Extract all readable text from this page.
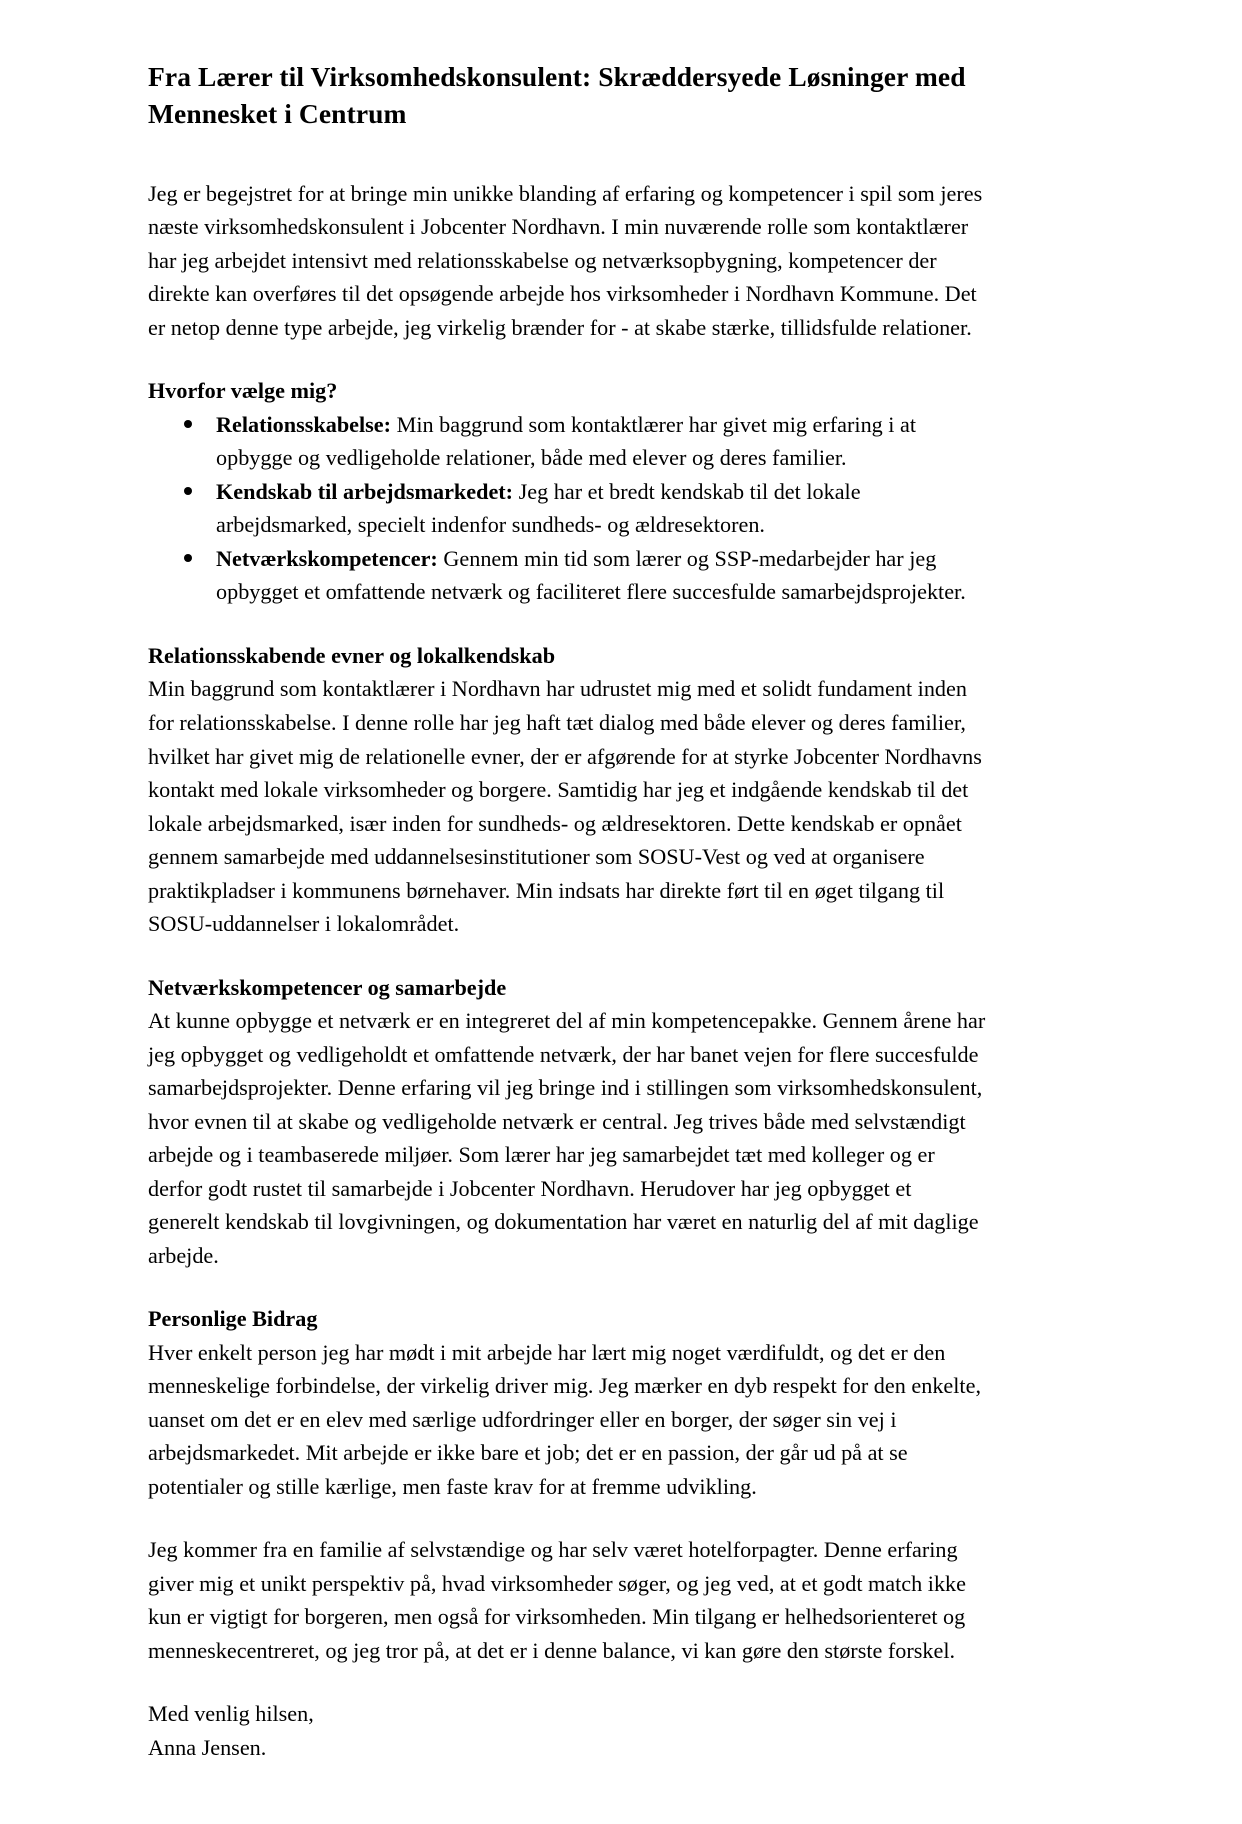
Fra Lærer til Virksomhedskonsulent: Skræddersyede Løsninger med Mennesket i Centrum

Jeg er begejstret for at bringe min unikke blanding af erfaring og kompetencer i spil som jeres næste virksomhedskonsulent i Jobcenter Nordhavn. I min nuværende rolle som kontaktlærer har jeg arbejdet intensivt med relationsskabelse og netværksopbygning, kompetencer der direkte kan overføres til det opsøgende arbejde hos virksomheder i Nordhavn Kommune. Det er netop denne type arbejde, jeg virkelig brænder for - at skabe stærke, tillidsfulde relationer.

Hvorfor vælge mig?
Relationsskabelse: Min baggrund som kontaktlærer har givet mig erfaring i at opbygge og vedligeholde relationer, både med elever og deres familier.
Kendskab til arbejdsmarkedet: Jeg har et bredt kendskab til det lokale arbejdsmarked, specielt indenfor sundheds- og ældresektoren.
Netværkskompetencer: Gennem min tid som lærer og SSP-medarbejder har jeg opbygget et omfattende netværk og faciliteret flere succesfulde samarbejdsprojekter.
Relationsskabende evner og lokalkendskab

Min baggrund som kontaktlærer i Nordhavn har udrustet mig med et solidt fundament inden for relationsskabelse. I denne rolle har jeg haft tæt dialog med både elever og deres familier, hvilket har givet mig de relationelle evner, der er afgørende for at styrke Jobcenter Nordhavns kontakt med lokale virksomheder og borgere. Samtidig har jeg et indgående kendskab til det lokale arbejdsmarked, især inden for sundheds- og ældresektoren. Dette kendskab er opnået gennem samarbejde med uddannelsesinstitutioner som SOSU-Vest og ved at organisere praktikpladser i kommunens børnehaver. Min indsats har direkte ført til en øget tilgang til SOSU-uddannelser i lokalområdet.

Netværkskompetencer og samarbejde

At kunne opbygge et netværk er en integreret del af min kompetencepakke. Gennem årene har jeg opbygget og vedligeholdt et omfattende netværk, der har banet vejen for flere succesfulde samarbejdsprojekter. Denne erfaring vil jeg bringe ind i stillingen som virksomhedskonsulent, hvor evnen til at skabe og vedligeholde netværk er central. Jeg trives både med selvstændigt arbejde og i teambaserede miljøer. Som lærer har jeg samarbejdet tæt med kolleger og er derfor godt rustet til samarbejde i Jobcenter Nordhavn. Herudover har jeg opbygget et generelt kendskab til lovgivningen, og dokumentation har været en naturlig del af mit daglige arbejde.

Personlige Bidrag

Hver enkelt person jeg har mødt i mit arbejde har lært mig noget værdifuldt, og det er den menneskelige forbindelse, der virkelig driver mig. Jeg mærker en dyb respekt for den enkelte, uanset om det er en elev med særlige udfordringer eller en borger, der søger sin vej i arbejdsmarkedet. Mit arbejde er ikke bare et job; det er en passion, der går ud på at se potentialer og stille kærlige, men faste krav for at fremme udvikling.

Jeg kommer fra en familie af selvstændige og har selv været hotelforpagter. Denne erfaring giver mig et unikt perspektiv på, hvad virksomheder søger, og jeg ved, at et godt match ikke kun er vigtigt for borgeren, men også for virksomheden. Min tilgang er helhedsorienteret og menneskecentreret, og jeg tror på, at det er i denne balance, vi kan gøre den største forskel.

Med venlig hilsen,

Anna Jensen.
